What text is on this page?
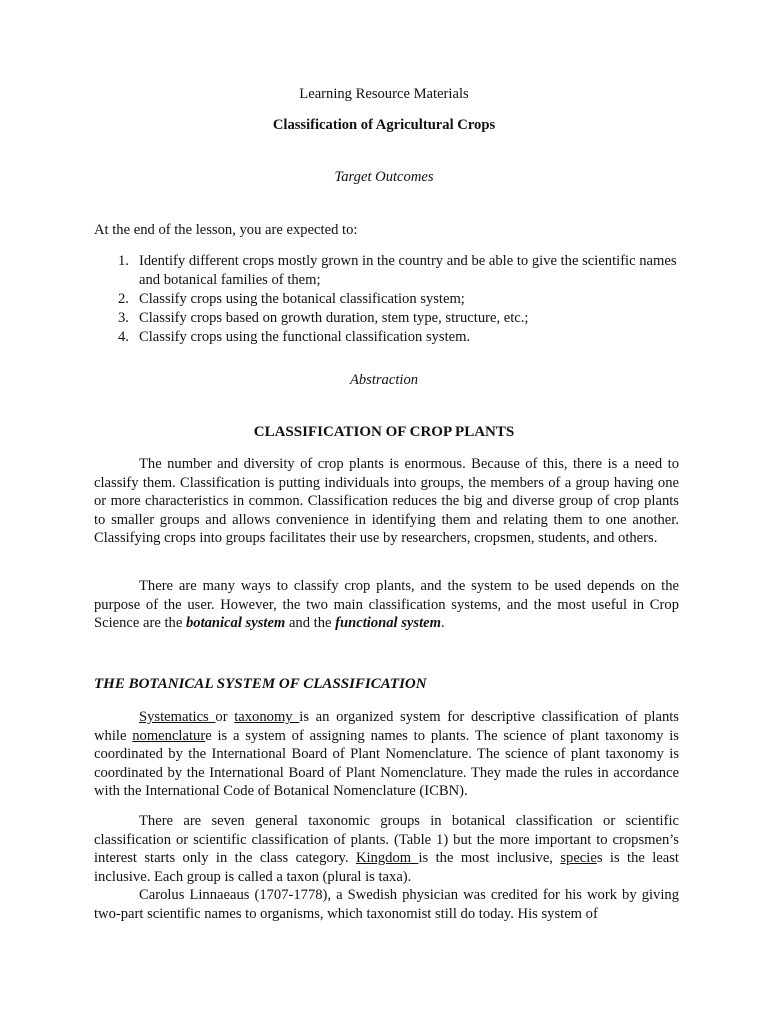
Learning Resource Materials

Classification of Agricultural Crops

Target Outcomes

At the end of the lesson, you are expected to:

1. Identify different crops mostly grown in the country and be able to give the scientific names and botanical families of them;
2. Classify crops using the botanical classification system;
3. Classify crops based on growth duration, stem type, structure, etc.;
4. Classify crops using the functional classification system.

Abstraction

CLASSIFICATION OF CROP PLANTS

The number and diversity of crop plants is enormous. Because of this, there is a need to classify them. Classification is putting individuals into groups, the members of a group having one or more characteristics in common. Classification reduces the big and diverse group of crop plants to smaller groups and allows convenience in identifying them and relating them to one another. Classifying crops into groups facilitates their use by researchers, cropsmen, students, and others.

There are many ways to classify crop plants, and the system to be used depends on the purpose of the user. However, the two main classification systems, and the most useful in Crop Science are the botanical system and the functional system.

THE BOTANICAL SYSTEM OF CLASSIFICATION

Systematics or taxonomy is an organized system for descriptive classification of plants while nomenclature is a system of assigning names to plants. The science of plant taxonomy is coordinated by the International Board of Plant Nomenclature. The science of plant taxonomy is coordinated by the International Board of Plant Nomenclature. They made the rules in accordance with the International Code of Botanical Nomenclature (ICBN).

There are seven general taxonomic groups in botanical classification or scientific classification or scientific classification of plants. (Table 1) but the more important to cropsmen’s interest starts only in the class category. Kingdom is the most inclusive, species is the least inclusive. Each group is called a taxon (plural is taxa).

Carolus Linnaeaus (1707-1778), a Swedish physician was credited for his work by giving two-part scientific names to organisms, which taxonomist still do today. His system of
